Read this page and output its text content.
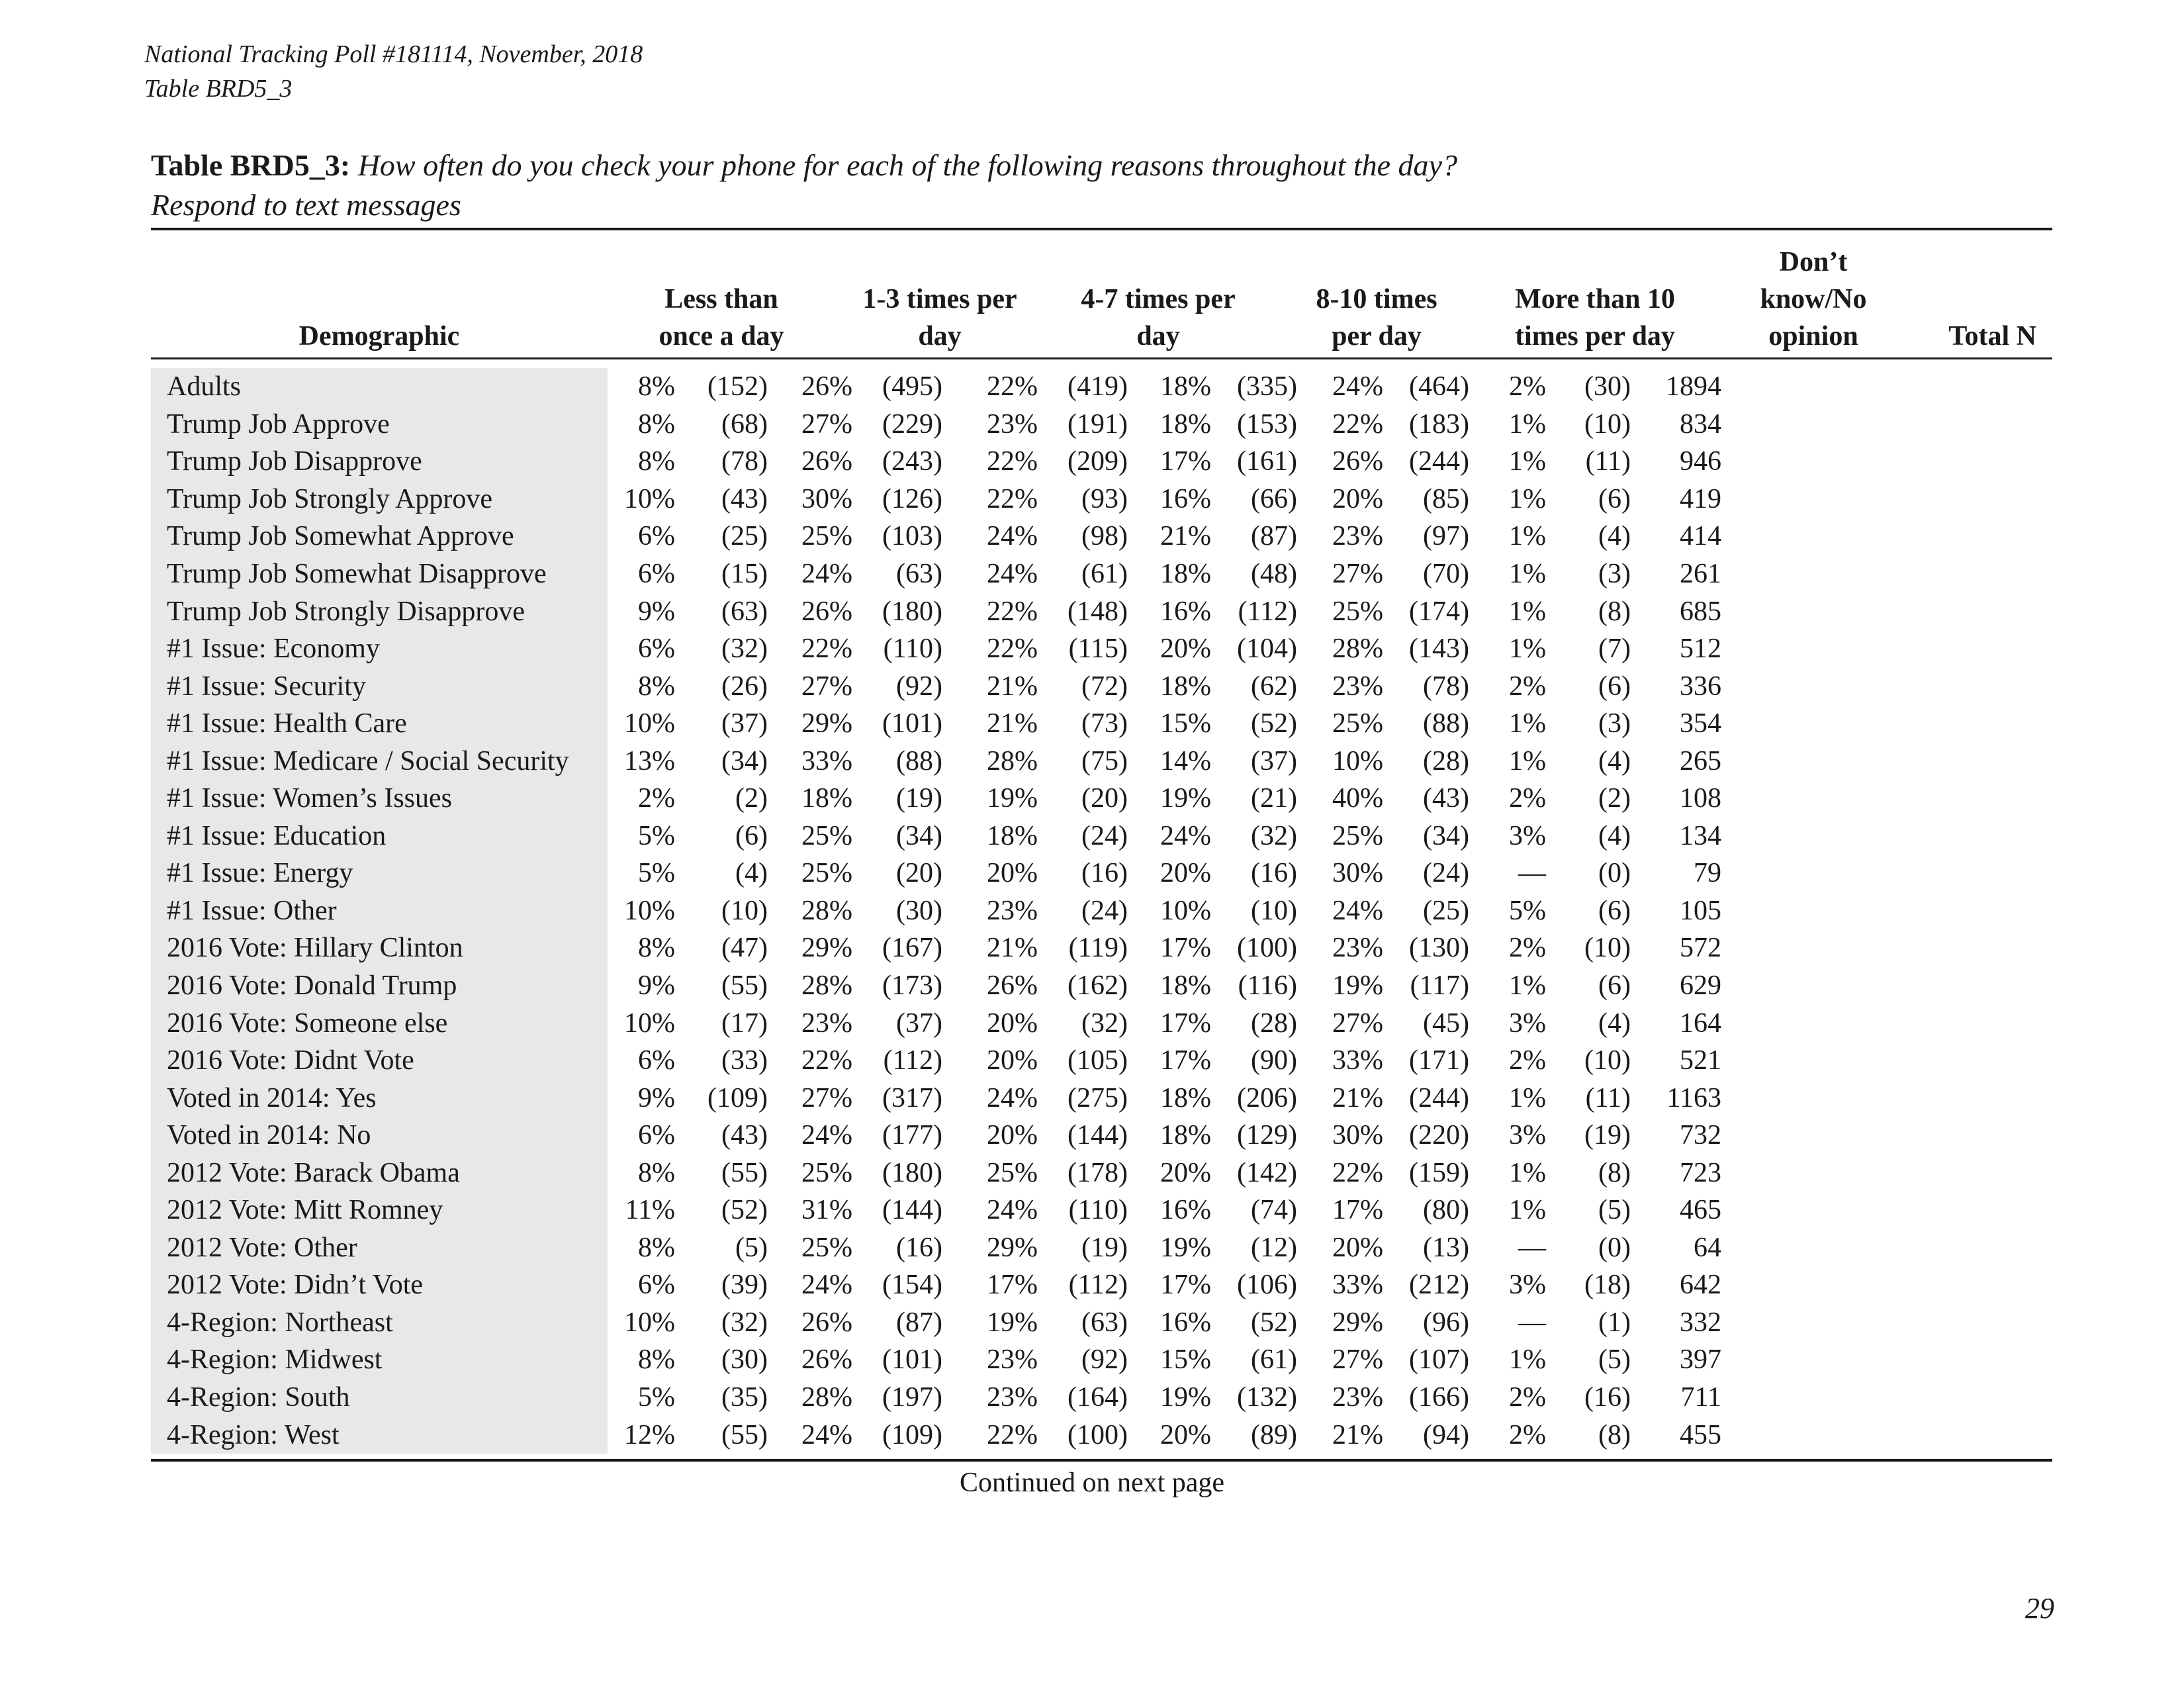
National Tracking Poll #181114, November, 2018
Table BRD5_3
Table BRD5_3: How often do you check your phone for each of the following reasons throughout the day?
Respond to text messages
Demographic
Less than
once a day
1-3 times per
day
4-7 times per
day
8-10 times
per day
More than 10
times per day
Don’t
know/No
opinion	Total N
Adults	8%	(152)	26%	(495)	22%	(419)	18%	(335)	24%	(464)	2%	(30)	1894
Trump Job Approve	8%	(68)	27%	(229)	23%	(191)	18%	(153)	22%	(183)	1%	(10)	834
Trump Job Disapprove	8%	(78)	26%	(243)	22%	(209)	17%	(161)	26%	(244)	1%	(11)	946
Trump Job Strongly Approve	10%	(43)	30%	(126)	22%	(93)	16%	(66)	20%	(85)	1%	(6)	419
Trump Job Somewhat Approve	6%	(25)	25%	(103)	24%	(98)	21%	(87)	23%	(97)	1%	(4)	414
Trump Job Somewhat Disapprove	6%	(15)	24%	(63)	24%	(61)	18%	(48)	27%	(70)	1%	(3)	261
Trump Job Strongly Disapprove	9%	(63)	26%	(180)	22%	(148)	16%	(112)	25%	(174)	1%	(8)	685
#1 Issue: Economy	6%	(32)	22%	(110)	22%	(115)	20%	(104)	28%	(143)	1%	(7)	512
#1 Issue: Security	8%	(26)	27%	(92)	21%	(72)	18%	(62)	23%	(78)	2%	(6)	336
#1 Issue: Health Care	10%	(37)	29%	(101)	21%	(73)	15%	(52)	25%	(88)	1%	(3)	354
#1 Issue: Medicare / Social Security	13%	(34)	33%	(88)	28%	(75)	14%	(37)	10%	(28)	1%	(4)	265
#1 Issue: Women’s Issues	2%	(2)	18%	(19)	19%	(20)	19%	(21)	40%	(43)	2%	(2)	108
#1 Issue: Education	5%	(6)	25%	(34)	18%	(24)	24%	(32)	25%	(34)	3%	(4)	134
#1 Issue: Energy	5%	(4)	25%	(20)	20%	(16)	20%	(16)	30%	(24)	—	(0)	79
#1 Issue: Other	10%	(10)	28%	(30)	23%	(24)	10%	(10)	24%	(25)	5%	(6)	105
2016 Vote: Hillary Clinton	8%	(47)	29%	(167)	21%	(119)	17%	(100)	23%	(130)	2%	(10)	572
2016 Vote: Donald Trump	9%	(55)	28%	(173)	26%	(162)	18%	(116)	19%	(117)	1%	(6)	629
2016 Vote: Someone else	10%	(17)	23%	(37)	20%	(32)	17%	(28)	27%	(45)	3%	(4)	164
2016 Vote: Didnt Vote	6%	(33)	22%	(112)	20%	(105)	17%	(90)	33%	(171)	2%	(10)	521
Voted in 2014: Yes	9%	(109)	27%	(317)	24%	(275)	18%	(206)	21%	(244)	1%	(11)	1163
Voted in 2014: No	6%	(43)	24%	(177)	20%	(144)	18%	(129)	30%	(220)	3%	(19)	732
2012 Vote: Barack Obama	8%	(55)	25%	(180)	25%	(178)	20%	(142)	22%	(159)	1%	(8)	723
2012 Vote: Mitt Romney	11%	(52)	31%	(144)	24%	(110)	16%	(74)	17%	(80)	1%	(5)	465
2012 Vote: Other	8%	(5)	25%	(16)	29%	(19)	19%	(12)	20%	(13)	—	(0)	64
2012 Vote: Didn’t Vote	6%	(39)	24%	(154)	17%	(112)	17%	(106)	33%	(212)	3%	(18)	642
4-Region: Northeast	10%	(32)	26%	(87)	19%	(63)	16%	(52)	29%	(96)	—	(1)	332
4-Region: Midwest	8%	(30)	26%	(101)	23%	(92)	15%	(61)	27%	(107)	1%	(5)	397
4-Region: South	5%	(35)	28%	(197)	23%	(164)	19%	(132)	23%	(166)	2%	(16)	711
4-Region: West	12%	(55)	24%	(109)	22%	(100)	20%	(89)	21%	(94)	2%	(8)	455
Continued on next page
29
